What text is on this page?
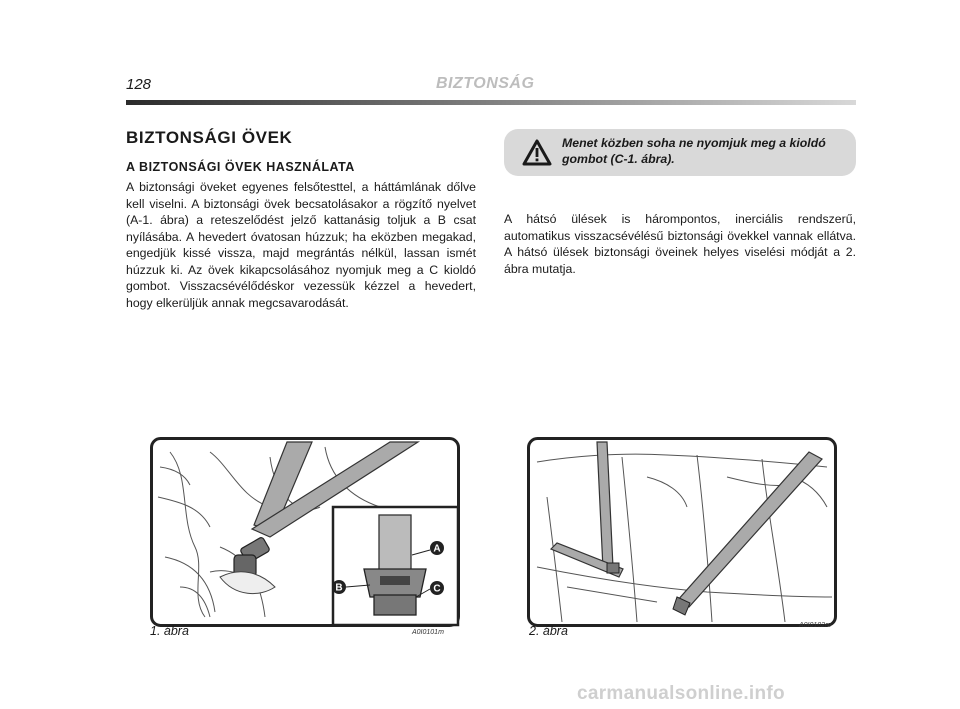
128	BIZTONSÁG
BIZTONSÁGI ÖVEK
A BIZTONSÁGI ÖVEK HASZNÁLATA
A biztonsági öveket egyenes felsőtesttel, a háttámlának dőlve kell viselni. A biztonsági övek becsatolásakor a rögzítő nyelvet (A-1. ábra) a reteszelődést jelző kattanásig toljuk a B csat nyílásába. A hevedert óvatosan húzzuk; ha eközben megakad, engedjük kissé vissza, majd megrántás nélkül, lassan ismét húzzuk ki. Az övek kikapcsolásához nyomjuk meg a C kioldó gombot. Visszacsévélődéskor vezessük kézzel a hevedert, hogy elkerüljük annak megcsavarodását.
Menet közben soha ne nyomjuk meg a kioldó gombot (C-1. ábra).
A hátsó ülések is hárompontos, inerciális rendszerű, automatikus visszacsévélésű biztonsági övekkel vannak ellátva. A hátsó ülések biztonsági öveinek helyes viselési módját a 2. ábra mutatja.
A
B	C
1. ábra	A0I0101m	2. ábra	A0I0102m
carmanualsonline.info
